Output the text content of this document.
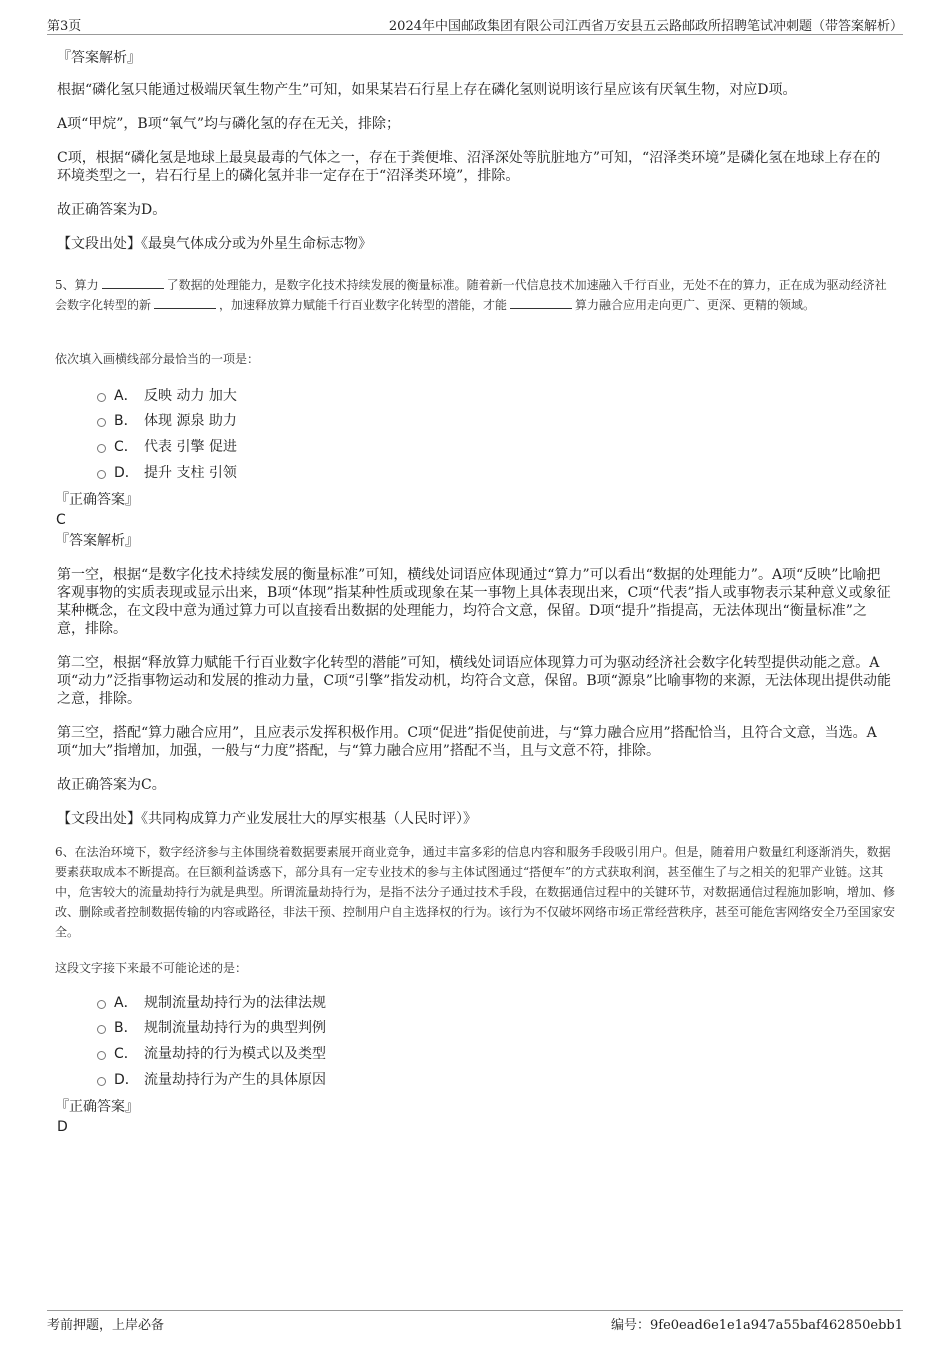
第3页	2024年中国邮政集团有限公司江西省万安县五云路邮政所招聘笔试冲刺题（带答案解析）
『答案解析』
根据“磷化氢只能通过极端厌氧生物产生”可知，如果某岩石行星上存在磷化氢则说明该行星应该有厌氧生物，对应D项。
A项“甲烷”，B项“氧气”均与磷化氢的存在无关，排除；
C项，根据“磷化氢是地球上最臭最毒的气体之一，存在于粪便堆、沼泽深处等肮脏地方”可知，“沼泽类环境”是磷化氢在地球上存在的环境类型之一，岩石行星上的磷化氢并非一定存在于“沼泽类环境”，排除。
故正确答案为D。
【文段出处】《最臭气体成分或为外星生命标志物》
5、算力	了数据的处理能力，是数字化技术持续发展的衡量标准。随着新一代信息技术加速融入千行百业，无处不在的算力，正在成为驱动经济社会数字化转型的新	，加速释放算力赋能千行百业数字化转型的潜能，才能	算力融合应用走向更广、更深、更精的领域。
依次填入画横线部分最恰当的一项是：
A． 反映 动力 加大
B． 体现 源泉 助力
C． 代表 引擎 促进
D． 提升 支柱 引领
『正确答案』
C
『答案解析』
第一空，根据“是数字化技术持续发展的衡量标准”可知，横线处词语应体现通过“算力”可以看出“数据的处理能力”。A项“反映”比喻把客观事物的实质表现或显示出来，B项“体现”指某种性质或现象在某一事物上具体表现出来，C项“代表”指人或事物表示某种意义或象征某种概念，在文段中意为通过算力可以直接看出数据的处理能力，均符合文意，保留。D项“提升”指提高，无法体现出“衡量标准”之意，排除。
第二空，根据“释放算力赋能千行百业数字化转型的潜能”可知，横线处词语应体现算力可为驱动经济社会数字化转型提供动能之意。A项“动力”泛指事物运动和发展的推动力量，C项“引擎”指发动机，均符合文意，保留。B项“源泉”比喻事物的来源，无法体现出提供动能之意，排除。
第三空，搭配“算力融合应用”，且应表示发挥积极作用。C项“促进”指促使前进，与“算力融合应用”搭配恰当，且符合文意，当选。A项“加大”指增加，加强，一般与“力度”搭配，与“算力融合应用”搭配不当，且与文意不符，排除。
故正确答案为C。
【文段出处】《共同构成算力产业发展壮大的厚实根基（人民时评）》
6、在法治环境下，数字经济参与主体围绕着数据要素展开商业竞争，通过丰富多彩的信息内容和服务手段吸引用户。但是，随着用户数量红利逐渐消失，数据要素获取成本不断提高。在巨额利益诱惑下，部分具有一定专业技术的参与主体试图通过“搭便车”的方式获取利润，甚至催生了与之相关的犯罪产业链。这其中，危害较大的流量劫持行为就是典型。所谓流量劫持行为，是指不法分子通过技术手段，在数据通信过程中的关键环节，对数据通信过程施加影响，增加、修改、删除或者控制数据传输的内容或路径，非法干预、控制用户自主选择权的行为。该行为不仅破坏网络市场正常经营秩序，甚至可能危害网络安全乃至国家安全。
这段文字接下来最不可能论述的是：
A． 规制流量劫持行为的法律法规
B． 规制流量劫持行为的典型判例
C． 流量劫持的行为模式以及类型
D． 流量劫持行为产生的具体原因
『正确答案』
D
考前押题，上岸必备	编号：9fe0ead6e1e1a947a55baf462850ebb1
